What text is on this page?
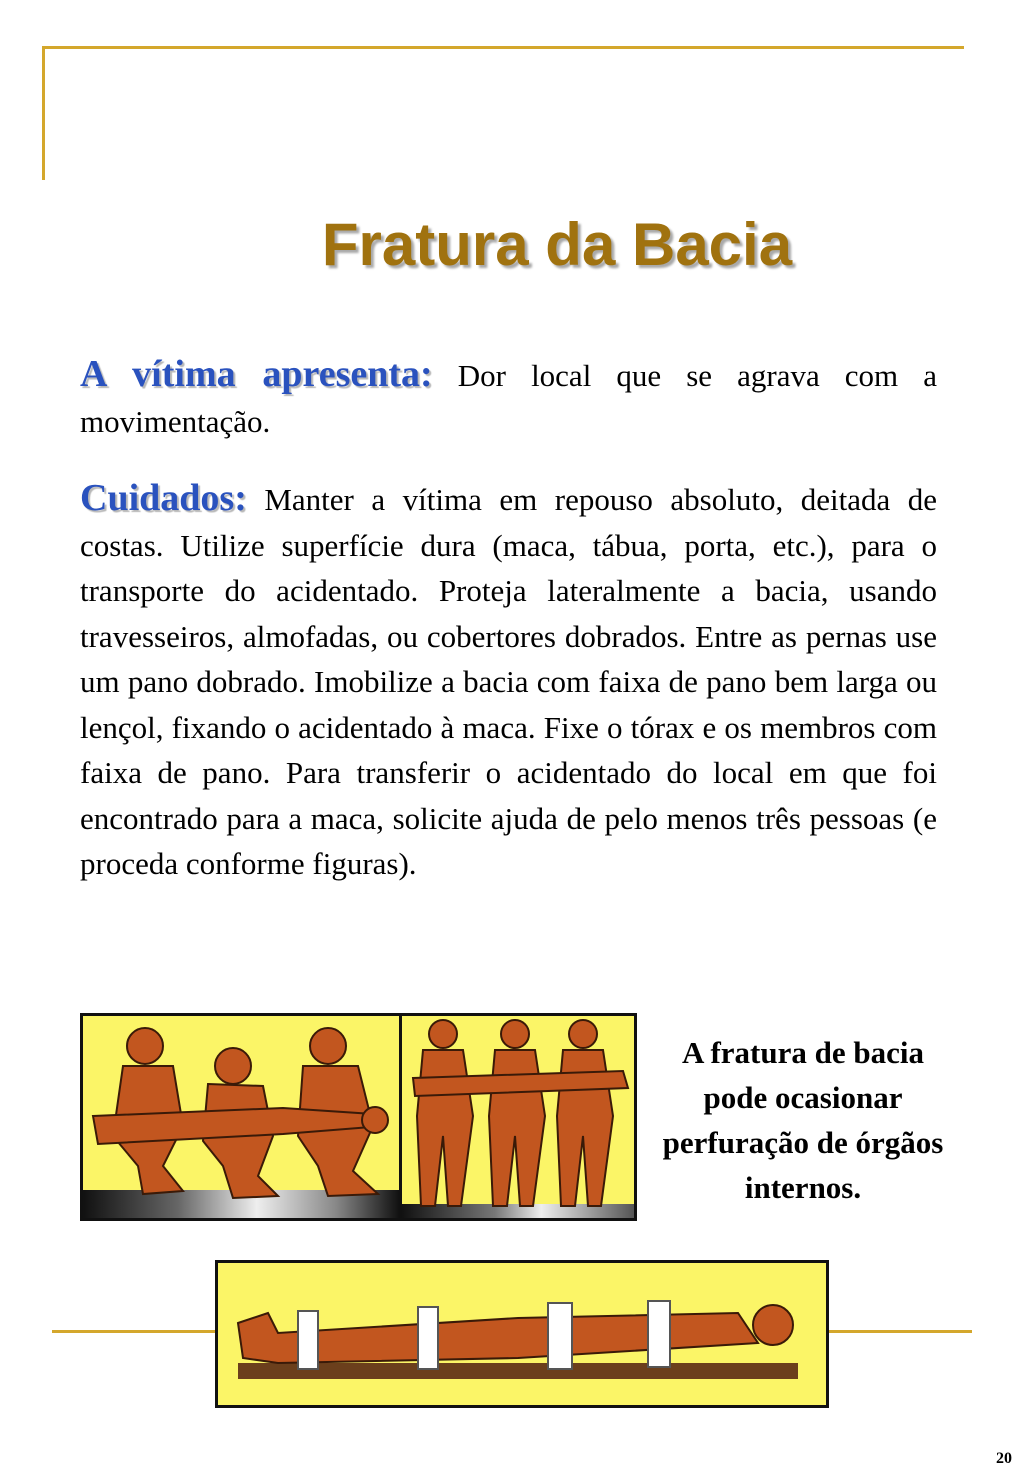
Fratura da Bacia

A vítima apresenta: Dor local que se agrava com a movimentação.

Cuidados: Manter a vítima em repouso absoluto, deitada de costas. Utilize superfície dura (maca, tábua, porta, etc.), para o transporte do acidentado. Proteja lateralmente a bacia, usando travesseiros, almofadas, ou cobertores dobrados. Entre as pernas use um pano dobrado. Imobilize a bacia com faixa de pano bem larga ou lençol, fixando o acidentado à maca. Fixe o tórax e os membros com faixa de pano. Para transferir o acidentado do local em que foi encontrado para a maca, solicite ajuda de pelo menos três pessoas (e proceda conforme figuras).

A fratura de bacia pode ocasionar perfuração de órgãos internos.

20
